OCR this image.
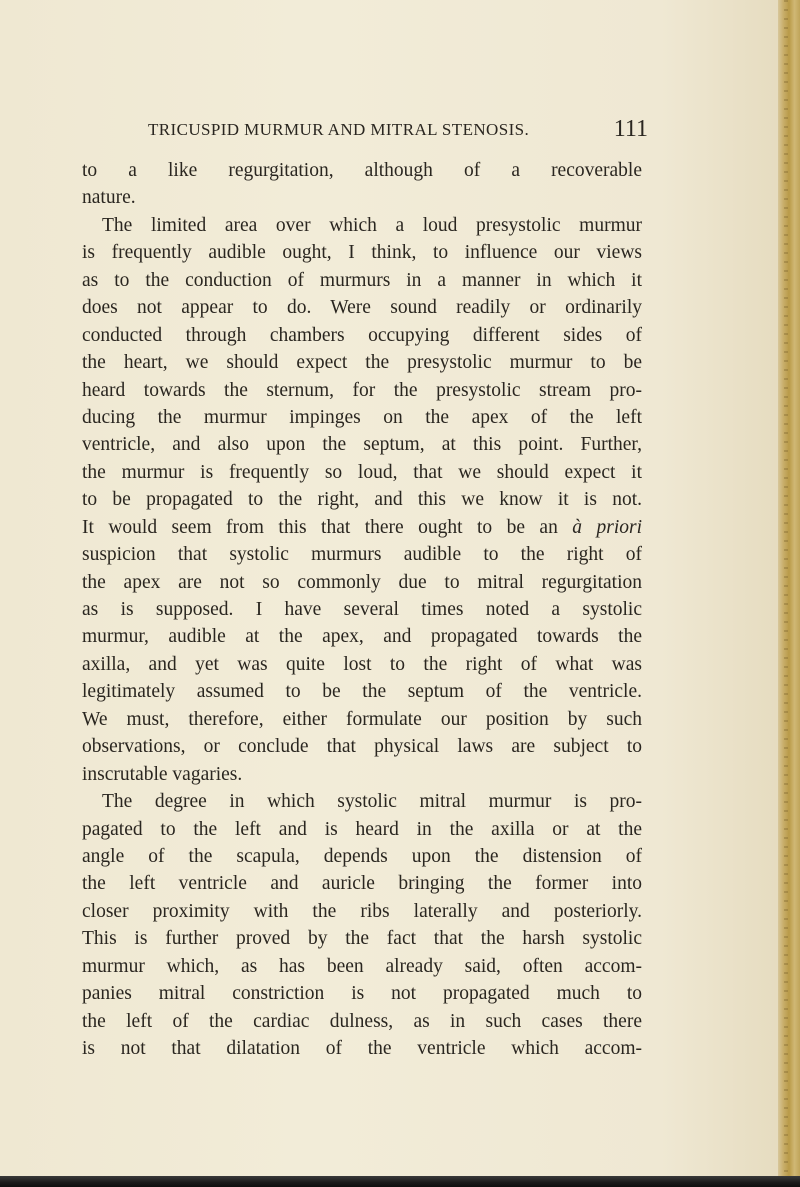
TRICUSPID MURMUR AND MITRAL STENOSIS.	111
to a like regurgitation, although of a recoverable
nature.
The limited area over which a loud presystolic murmur
is frequently audible ought, I think, to influence our views
as to the conduction of murmurs in a manner in which it
does not appear to do. Were sound readily or ordinarily
conducted through chambers occupying different sides of
the heart, we should expect the presystolic murmur to be
heard towards the sternum, for the presystolic stream pro-
ducing the murmur impinges on the apex of the left
ventricle, and also upon the septum, at this point. Further,
the murmur is frequently so loud, that we should expect it
to be propagated to the right, and this we know it is not.
It would seem from this that there ought to be an à priori
suspicion that systolic murmurs audible to the right of
the apex are not so commonly due to mitral regurgitation
as is supposed. I have several times noted a systolic
murmur, audible at the apex, and propagated towards the
axilla, and yet was quite lost to the right of what was
legitimately assumed to be the septum of the ventricle.
We must, therefore, either formulate our position by such
observations, or conclude that physical laws are subject to
inscrutable vagaries.
The degree in which systolic mitral murmur is pro-
pagated to the left and is heard in the axilla or at the
angle of the scapula, depends upon the distension of
the left ventricle and auricle bringing the former into
closer proximity with the ribs laterally and posteriorly.
This is further proved by the fact that the harsh systolic
murmur which, as has been already said, often accom-
panies mitral constriction is not propagated much to
the left of the cardiac dulness, as in such cases there
is not that dilatation of the ventricle which accom-
